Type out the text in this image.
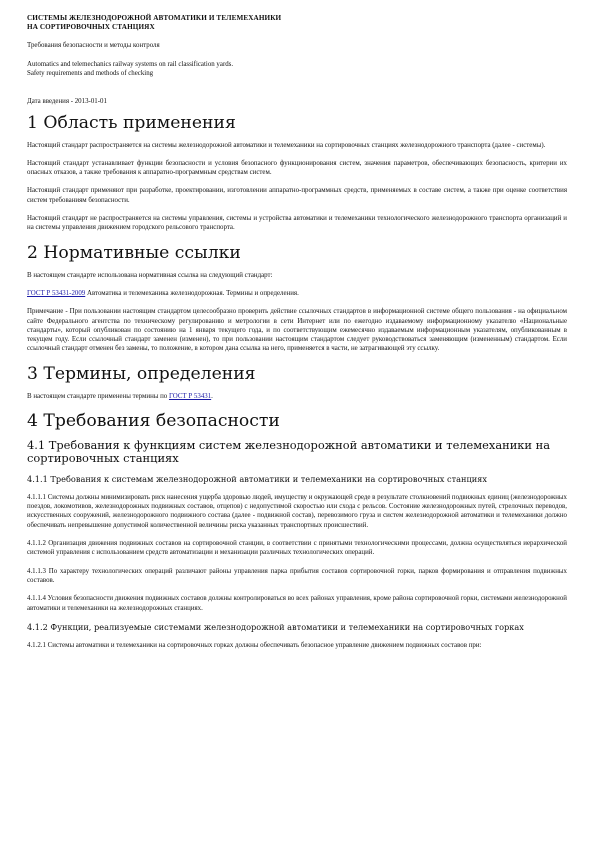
СИСТЕМЫ ЖЕЛЕЗНОДОРОЖНОЙ АВТОМАТИКИ И ТЕЛЕМЕХАНИКИ
НА СОРТИРОВОЧНЫХ СТАНЦИЯХ
Требования безопасности и методы контроля
Automatics and telemechanics railway systems on rail classification yards.
Safety requirements and methods of checking
Дата введения - 2013-01-01
1 Область применения

Настоящий стандарт распространяется на системы железнодорожной автоматики и телемеханики на сортировочных станциях железнодорожного транспорта (далее - системы).

Настоящий стандарт устанавливает функции безопасности и условия безопасного функционирования систем, значения параметров, обеспечивающих безопасность, критерии их опасных отказов, а также требования к аппаратно-программным средствам систем.

Настоящий стандарт применяют при разработке, проектировании, изготовлении аппаратно-программных средств, применяемых в составе систем, а также при оценке соответствия систем требованиям безопасности.

Настоящий стандарт не распространяется на системы управления, системы и устройства автоматики и телемеханики технологического железнодорожного транспорта организаций и на системы управления движением городского рельсового транспорта.

2 Нормативные ссылки

В настоящем стандарте использована нормативная ссылка на следующий стандарт:

ГОСТ Р 53431-2009 Автоматика и телемеханика железнодорожная. Термины и определения.

Примечание - При пользовании настоящим стандартом целесообразно проверить действие ссылочных стандартов в информационной системе общего пользования - на официальном сайте Федерального агентства по техническому регулированию и метрологии в сети Интернет или по ежегодно издаваемому информационному указателю «Национальные стандарты», который опубликован по состоянию на 1 января текущего года, и по соответствующим ежемесячно издаваемым информационным указателям, опубликованным в текущем году. Если ссылочный стандарт заменен (изменен), то при пользовании настоящим стандартом следует руководствоваться заменяющим (измененным) стандартом. Если ссылочный стандарт отменен без замены, то положение, в котором дана ссылка на него, применяется в части, не затрагивающей эту ссылку.

3 Термины, определения

В настоящем стандарте применены термины по ГОСТ Р 53431.

4 Требования безопасности
4.1 Требования к функциям систем железнодорожной автоматики и телемеханики на сортировочных станциях
4.1.1 Требования к системам железнодорожной автоматики и телемеханики на сортировочных станциях

4.1.1.1 Системы должны минимизировать риск нанесения ущерба здоровью людей, имуществу и окружающей среде в результате столкновений подвижных единиц (железнодорожных поездов, локомотивов, железнодорожных подвижных составов, отцепов) с недопустимой скоростью или схода с рельсов. Состояние железнодорожных путей, стрелочных переводов, искусственных сооружений, железнодорожного подвижного состава (далее - подвижной состав), перевозимого груза и систем железнодорожной автоматики и телемеханики должно обеспечивать непревышение допустимой количественной величины риска указанных транспортных происшествий.

4.1.1.2 Организация движения подвижных составов на сортировочной станции, в соответствии с принятыми технологическими процессами, должна осуществляться иерархической системой управления с использованием средств автоматизации и механизации различных технологических операций.

4.1.1.3 По характеру технологических операций различают районы управления парка прибытия составов сортировочной горки, парков формирования и отправления подвижных составов.

4.1.1.4 Условия безопасности движения подвижных составов должны контролироваться во всех районах управления, кроме района сортировочной горки, системами железнодорожной автоматики и телемеханики на железнодорожных станциях.

4.1.2 Функции, реализуемые системами железнодорожной автоматики и телемеханики на сортировочных горках

4.1.2.1 Системы автоматики и телемеханики на сортировочных горках должны обеспечивать безопасное управление движением подвижных составов при:
